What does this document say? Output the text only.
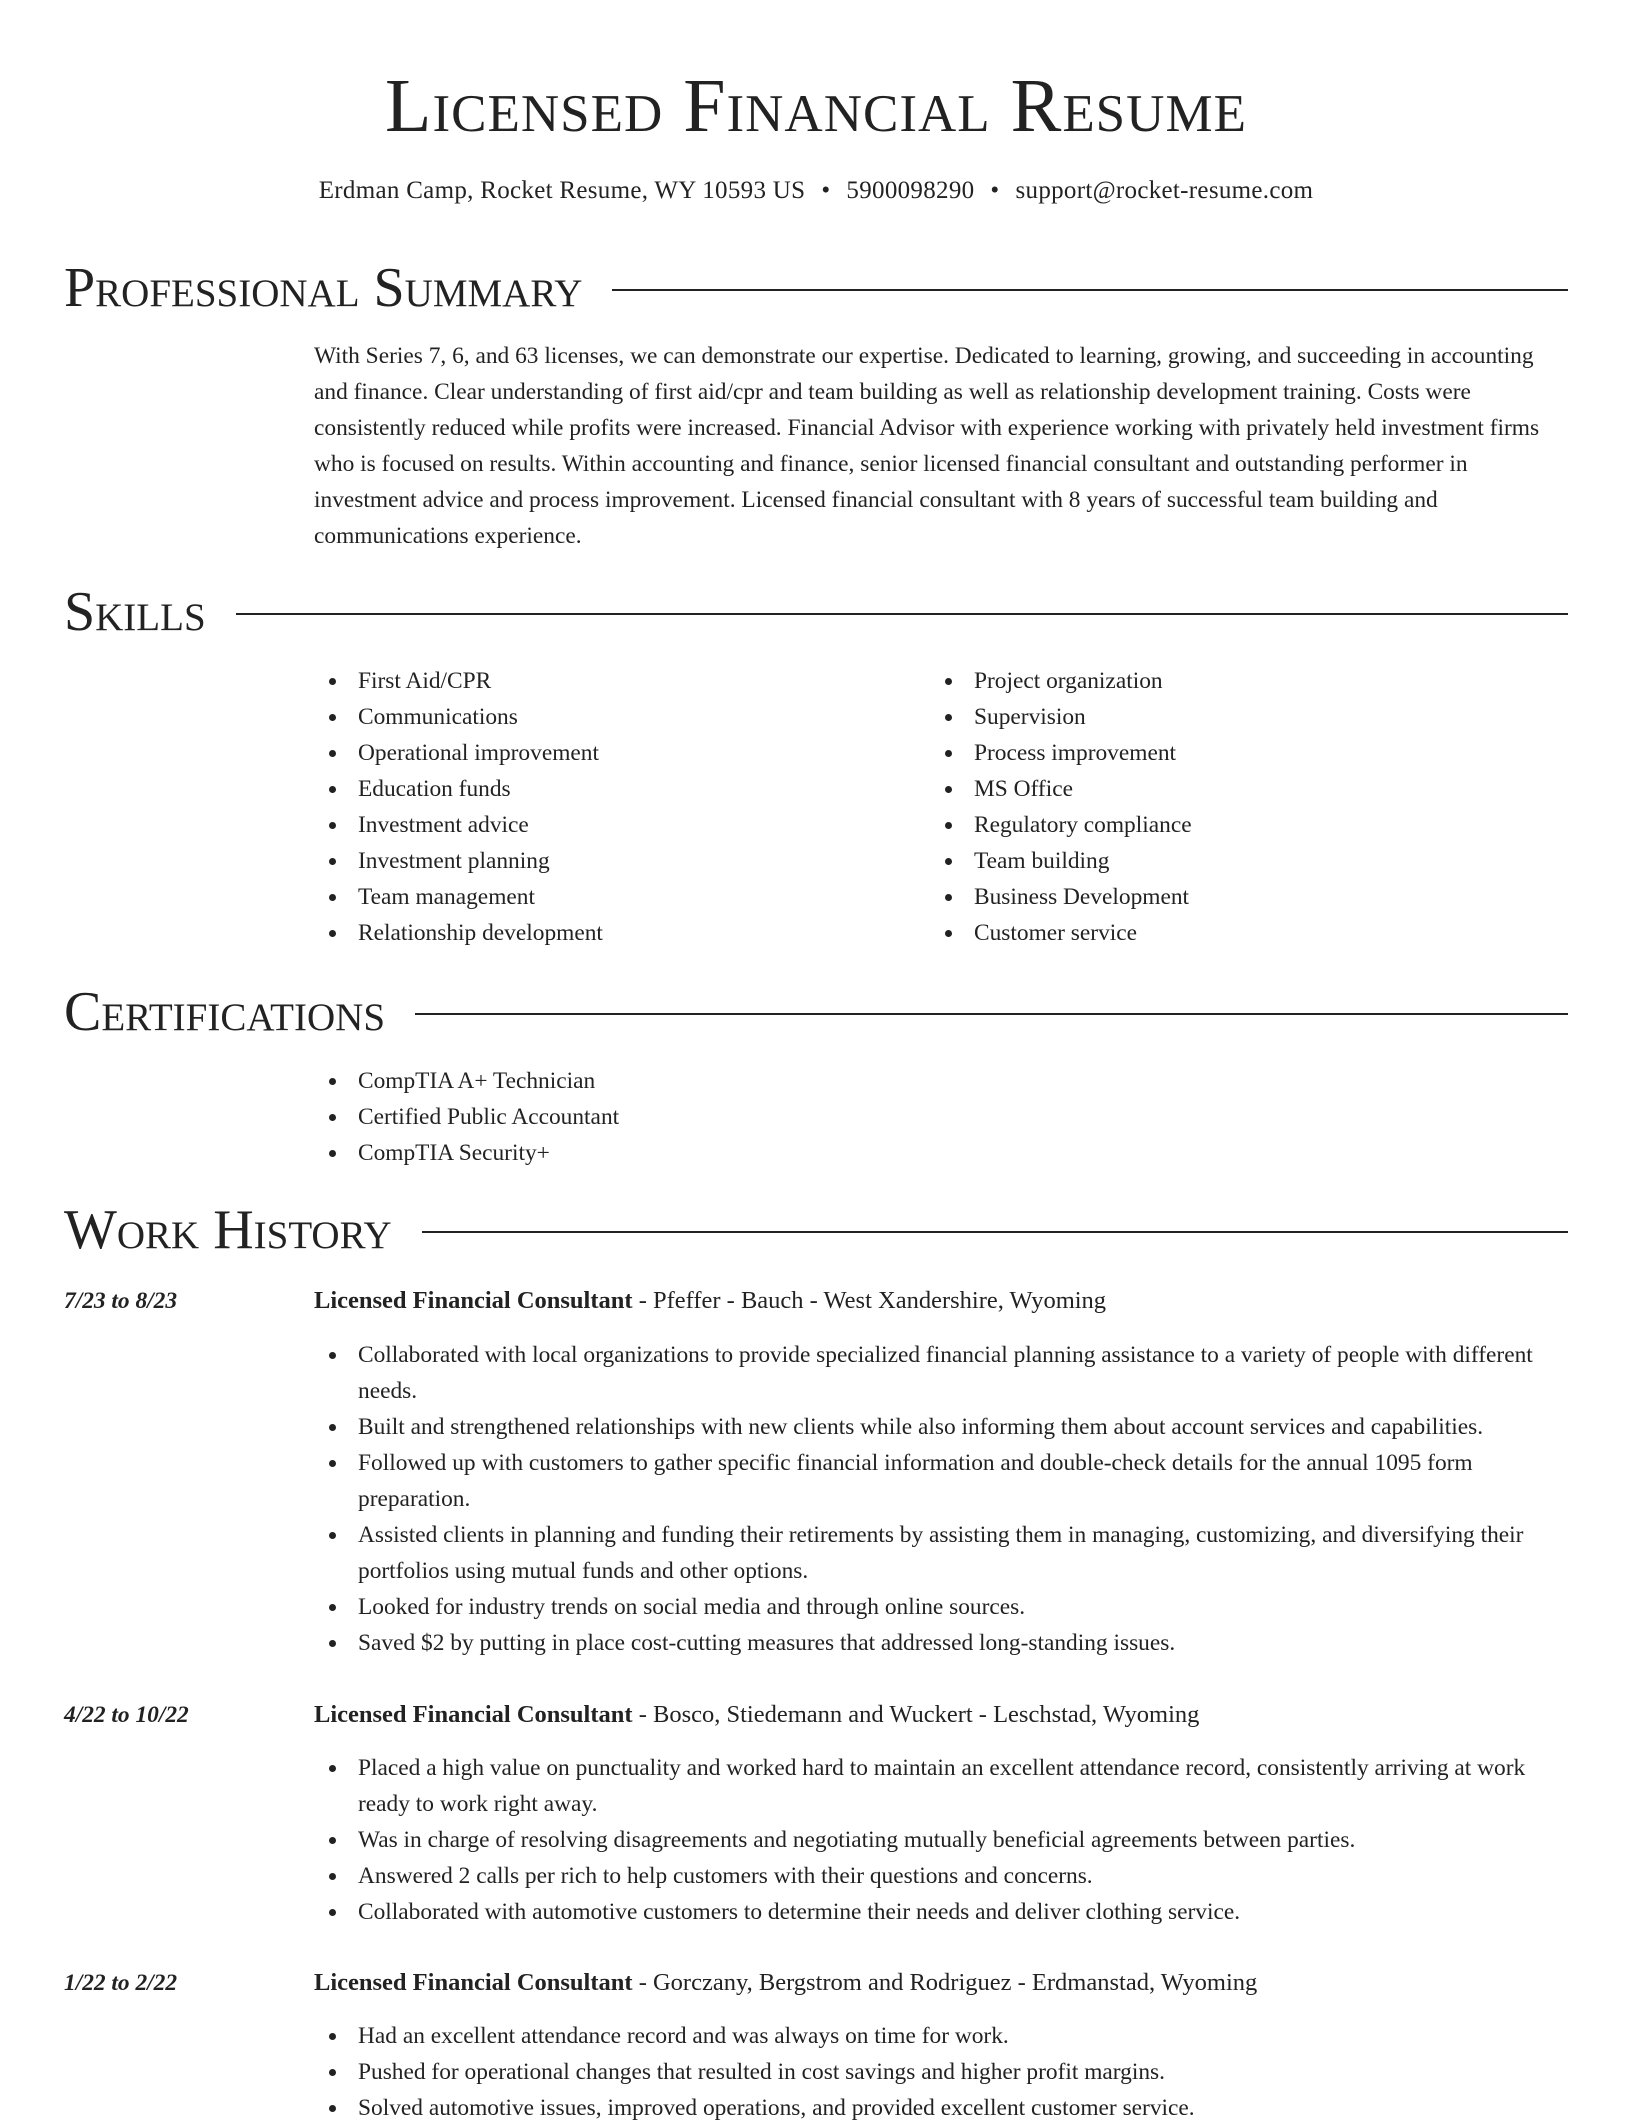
Licensed Financial Resume
Erdman Camp, Rocket Resume, WY 10593 US • 5900098290 • support@rocket-resume.com
Professional Summary

With Series 7, 6, and 63 licenses, we can demonstrate our expertise. Dedicated to learning, growing, and succeeding in accounting and finance. Clear understanding of first aid/cpr and team building as well as relationship development training. Costs were consistently reduced while profits were increased. Financial Advisor with experience working with privately held investment firms who is focused on results. Within accounting and finance, senior licensed financial consultant and outstanding performer in investment advice and process improvement. Licensed financial consultant with 8 years of successful team building and communications experience.

Skills
First Aid/CPR
Communications
Operational improvement
Education funds
Investment advice
Investment planning
Team management
Relationship development
Project organization
Supervision
Process improvement
MS Office
Regulatory compliance
Team building
Business Development
Customer service
Certifications
CompTIA A+ Technician
Certified Public Accountant
CompTIA Security+
Work History
7/23 to 8/23	Licensed Financial Consultant - Pfeffer - Bauch - West Xandershire, Wyoming
Collaborated with local organizations to provide specialized financial planning assistance to a variety of people with different needs.
Built and strengthened relationships with new clients while also informing them about account services and capabilities.
Followed up with customers to gather specific financial information and double-check details for the annual 1095 form preparation.
Assisted clients in planning and funding their retirements by assisting them in managing, customizing, and diversifying their portfolios using mutual funds and other options.
Looked for industry trends on social media and through online sources.
Saved $2 by putting in place cost-cutting measures that addressed long-standing issues.
4/22 to 10/22	Licensed Financial Consultant - Bosco, Stiedemann and Wuckert - Leschstad, Wyoming
Placed a high value on punctuality and worked hard to maintain an excellent attendance record, consistently arriving at work ready to work right away.
Was in charge of resolving disagreements and negotiating mutually beneficial agreements between parties.
Answered 2 calls per rich to help customers with their questions and concerns.
Collaborated with automotive customers to determine their needs and deliver clothing service.
1/22 to 2/22	Licensed Financial Consultant - Gorczany, Bergstrom and Rodriguez - Erdmanstad, Wyoming
Had an excellent attendance record and was always on time for work.
Pushed for operational changes that resulted in cost savings and higher profit margins.
Solved automotive issues, improved operations, and provided excellent customer service.
